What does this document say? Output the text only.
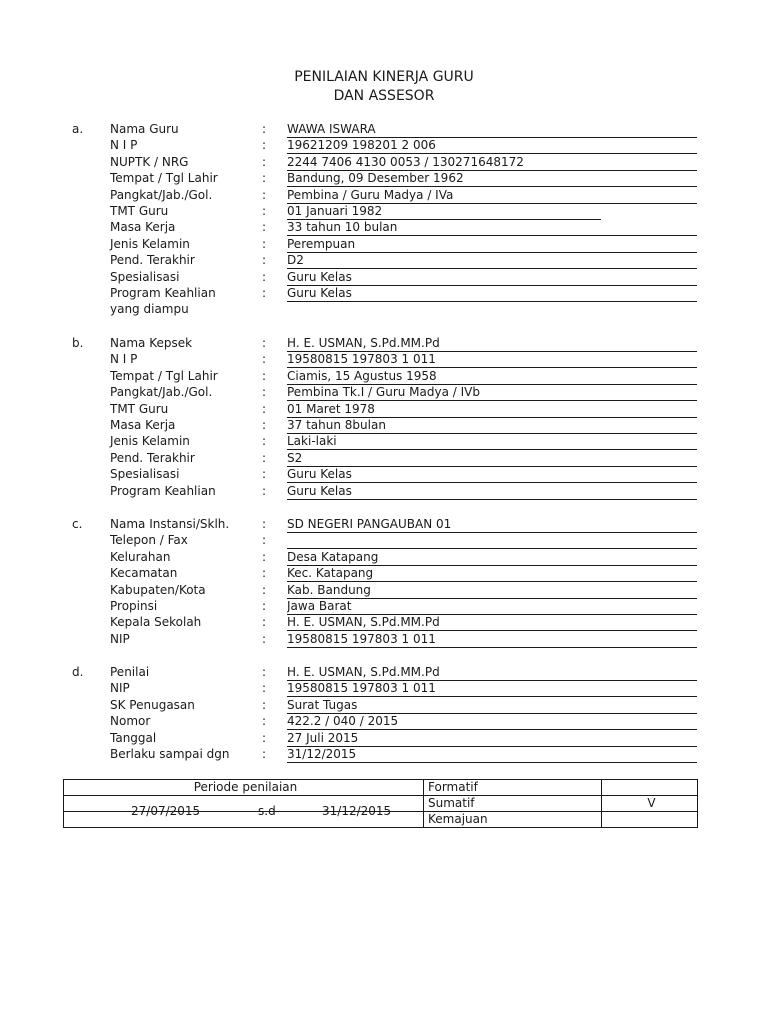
PENILAIAN KINERJA GURU
DAN ASSESOR
a. Nama Guru	: WAWA ISWARA
N I P	: 19621209 198201 2 006
NUPTK / NRG	: 2244 7406 4130 0053 / 130271648172
Tempat / Tgl Lahir	: Bandung, 09 Desember 1962
Pangkat/Jab./Gol.	: Pembina / Guru Madya / IVa
TMT Guru	: 01 Januari 1982
Masa Kerja	: 33 tahun 10 bulan
Jenis Kelamin	: Perempuan
Pend. Terakhir	: D2
Spesialisasi	: Guru Kelas
Program Keahlian	: Guru Kelas
yang diampu
b. Nama Kepsek	: H. E. USMAN, S.Pd.MM.Pd
N I P	: 19580815 197803 1 011
Tempat / Tgl Lahir	: Ciamis, 15 Agustus 1958
Pangkat/Jab./Gol.	: Pembina Tk.I / Guru Madya / IVb
TMT Guru	: 01 Maret 1978
Masa Kerja	: 37 tahun 8bulan
Jenis Kelamin	: Laki-laki
Pend. Terakhir	: S2
Spesialisasi	: Guru Kelas
Program Keahlian	: Guru Kelas
c. Nama Instansi/Sklh.	: SD NEGERI PANGAUBAN 01
Telepon / Fax	:
Kelurahan	: Desa Katapang
Kecamatan	: Kec. Katapang
Kabupaten/Kota	: Kab. Bandung
Propinsi	: Jawa Barat
Kepala Sekolah	: H. E. USMAN, S.Pd.MM.Pd
NIP	: 19580815 197803 1 011
d. Penilai	: H. E. USMAN, S.Pd.MM.Pd
NIP	: 19580815 197803 1 011
SK Penugasan	: Surat Tugas
Nomor	: 422.2 / 040 / 2015
Tanggal	: 27 Juli 2015
Berlaku sampai dgn	: 31/12/2015
Periode penilaian	Formatif	

27/07/2015 s.d 31/12/2015	Sumatif	V
	Kemajuan	
